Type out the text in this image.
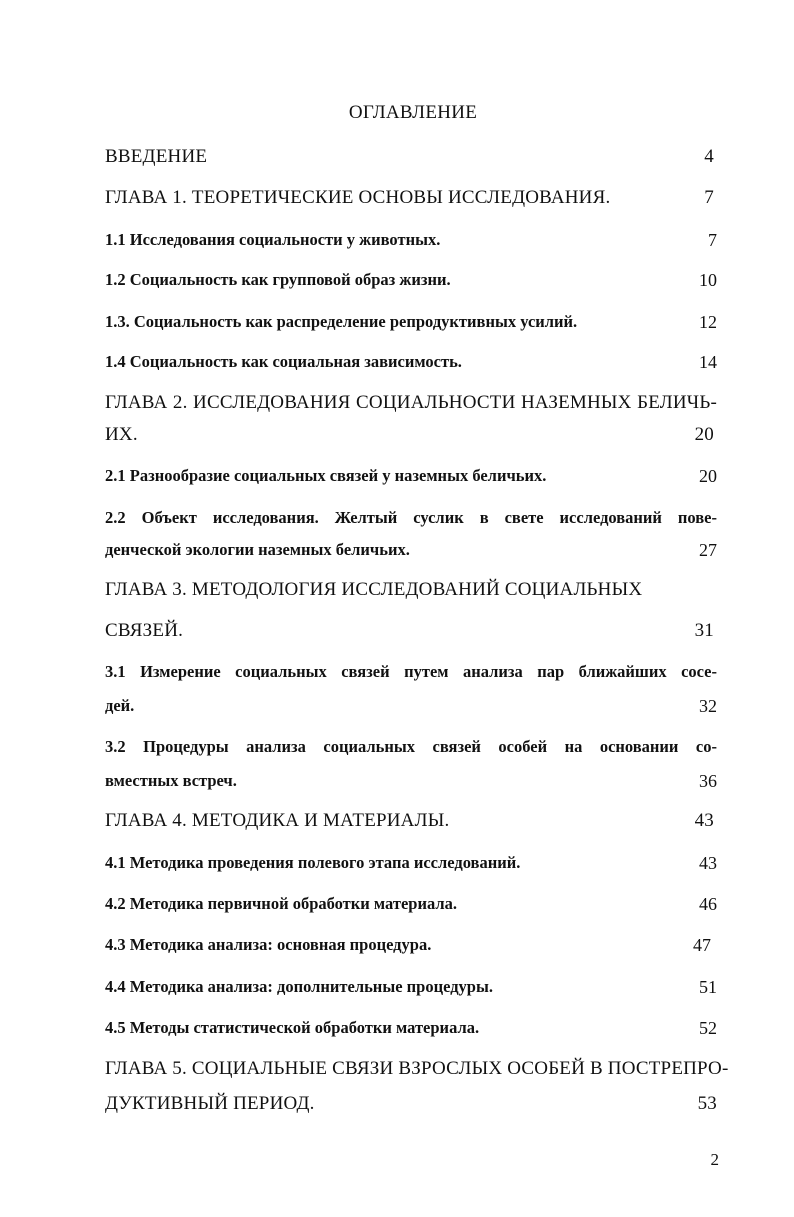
ОГЛАВЛЕНИЕ
ВВЕДЕНИЕ	4
ГЛАВА 1. ТЕОРЕТИЧЕСКИЕ ОСНОВЫ ИССЛЕДОВАНИЯ.	7
1.1 Исследования социальности у животных.	7
1.2 Социальность как групповой образ жизни.	10
1.3. Социальность как распределение репродуктивных усилий.	12
1.4 Социальность как социальная зависимость.	14
ГЛАВА 2. ИССЛЕДОВАНИЯ СОЦИАЛЬНОСТИ НАЗЕМНЫХ БЕЛИЧЬ-
ИХ.	20
2.1 Разнообразие социальных связей у наземных беличьих.	20
2.2 Объект исследования. Желтый суслик в свете исследований пове-
денческой экологии наземных беличьих.	27
ГЛАВА 3. МЕТОДОЛОГИЯ ИССЛЕДОВАНИЙ СОЦИАЛЬНЫХ
СВЯЗЕЙ.	31
3.1 Измерение социальных связей путем анализа пар ближайших сосе-
дей.	32
3.2 Процедуры анализа социальных связей особей на основании со-
вместных встреч.	36
ГЛАВА 4. МЕТОДИКА И МАТЕРИАЛЫ.	43
4.1 Методика проведения полевого этапа исследований.	43
4.2 Методика первичной обработки материала.	46
4.3 Методика анализа: основная процедура.	47
4.4 Методика анализа: дополнительные процедуры.	51
4.5 Методы статистической обработки материала.	52
ГЛАВА 5. СОЦИАЛЬНЫЕ СВЯЗИ ВЗРОСЛЫХ ОСОБЕЙ В ПОСТРЕПРО-
ДУКТИВНЫЙ ПЕРИОД.	53
2
